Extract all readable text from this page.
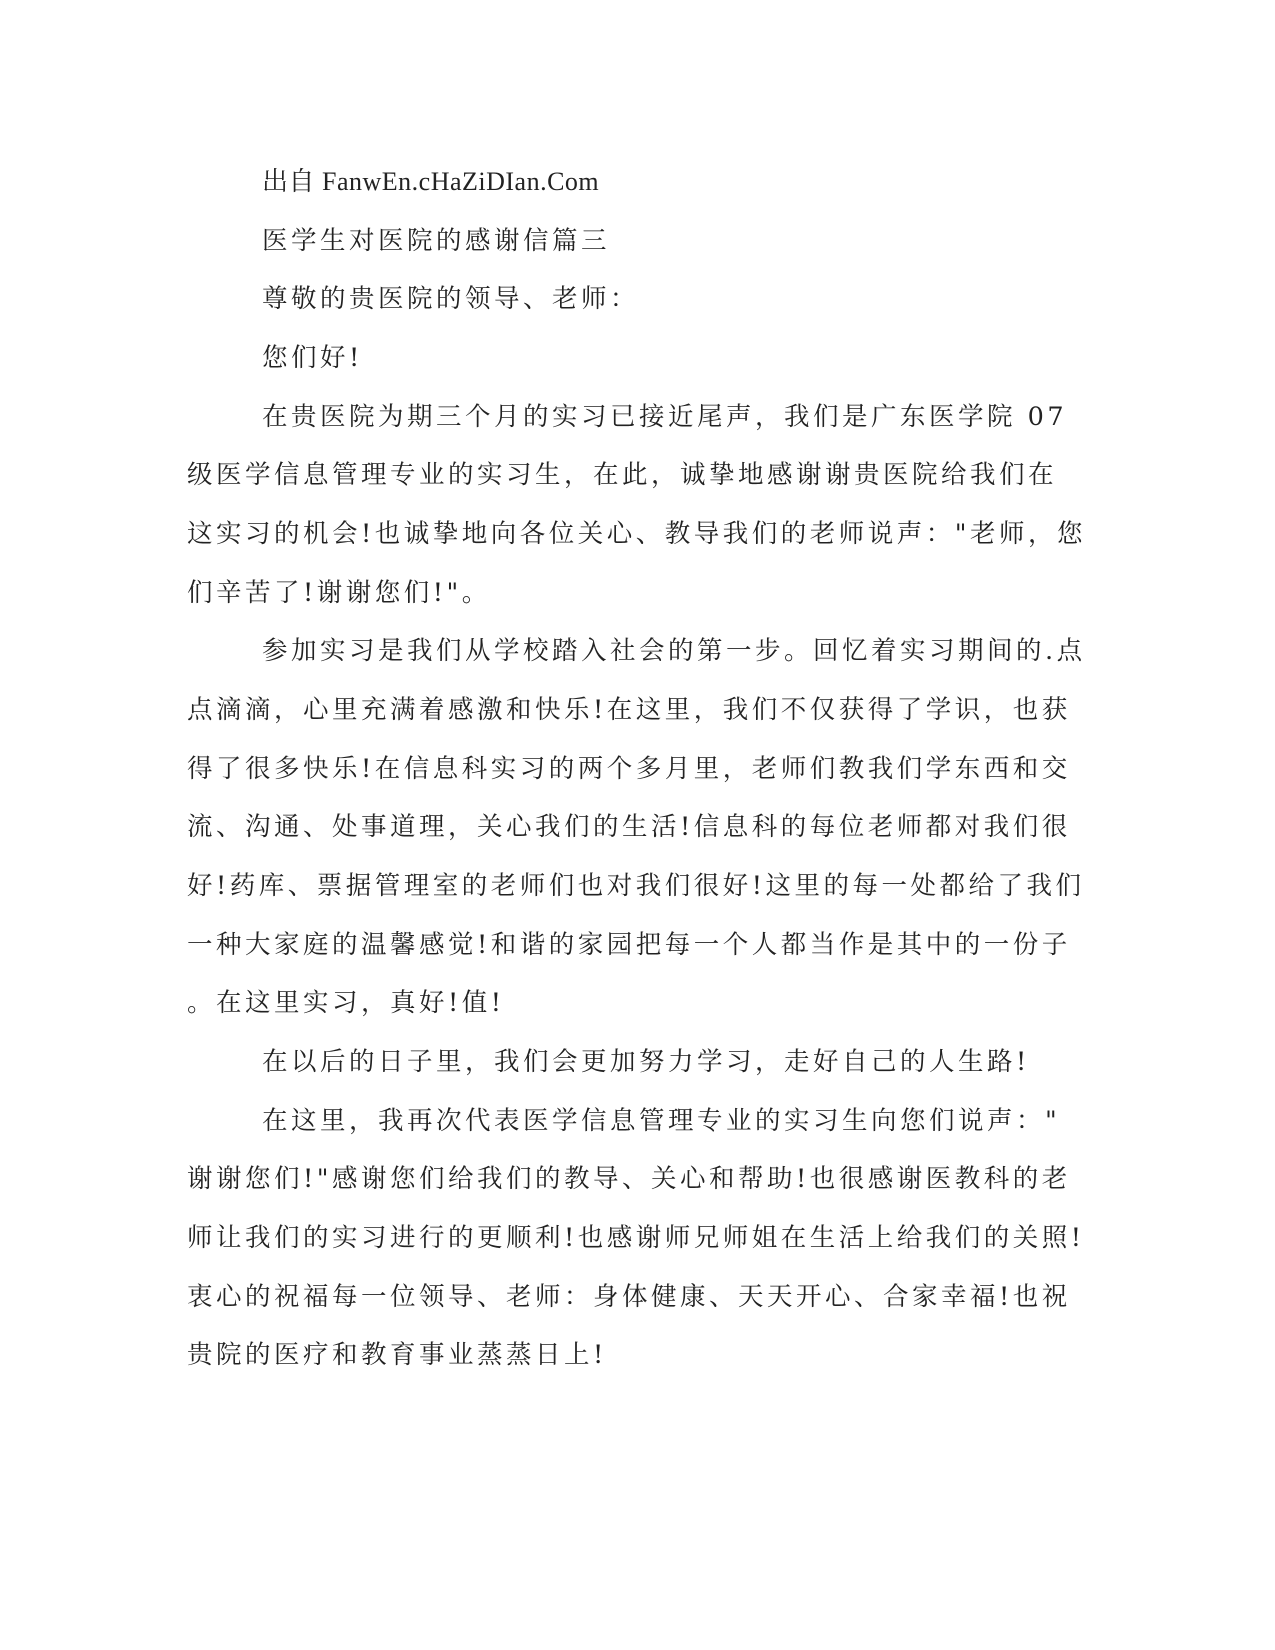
出自 FanwEn.cHaZiDIan.Com
医学生对医院的感谢信篇三
尊敬的贵医院的领导、老师：
您们好!
在贵医院为期三个月的实习已接近尾声，我们是广东医学院 07
级医学信息管理专业的实习生，在此，诚挚地感谢谢贵医院给我们在
这实习的机会!也诚挚地向各位关心、教导我们的老师说声："老师，您
们辛苦了!谢谢您们!"。
参加实习是我们从学校踏入社会的第一步。回忆着实习期间的.点
点滴滴，心里充满着感激和快乐!在这里，我们不仅获得了学识，也获
得了很多快乐!在信息科实习的两个多月里，老师们教我们学东西和交
流、沟通、处事道理，关心我们的生活!信息科的每位老师都对我们很
好!药库、票据管理室的老师们也对我们很好!这里的每一处都给了我们
一种大家庭的温馨感觉!和谐的家园把每一个人都当作是其中的一份子
。在这里实习，真好!值!
在以后的日子里，我们会更加努力学习，走好自己的人生路!
在这里，我再次代表医学信息管理专业的实习生向您们说声："
谢谢您们!"感谢您们给我们的教导、关心和帮助!也很感谢医教科的老
师让我们的实习进行的更顺利!也感谢师兄师姐在生活上给我们的关照!
衷心的祝福每一位领导、老师：身体健康、天天开心、合家幸福!也祝
贵院的医疗和教育事业蒸蒸日上!
